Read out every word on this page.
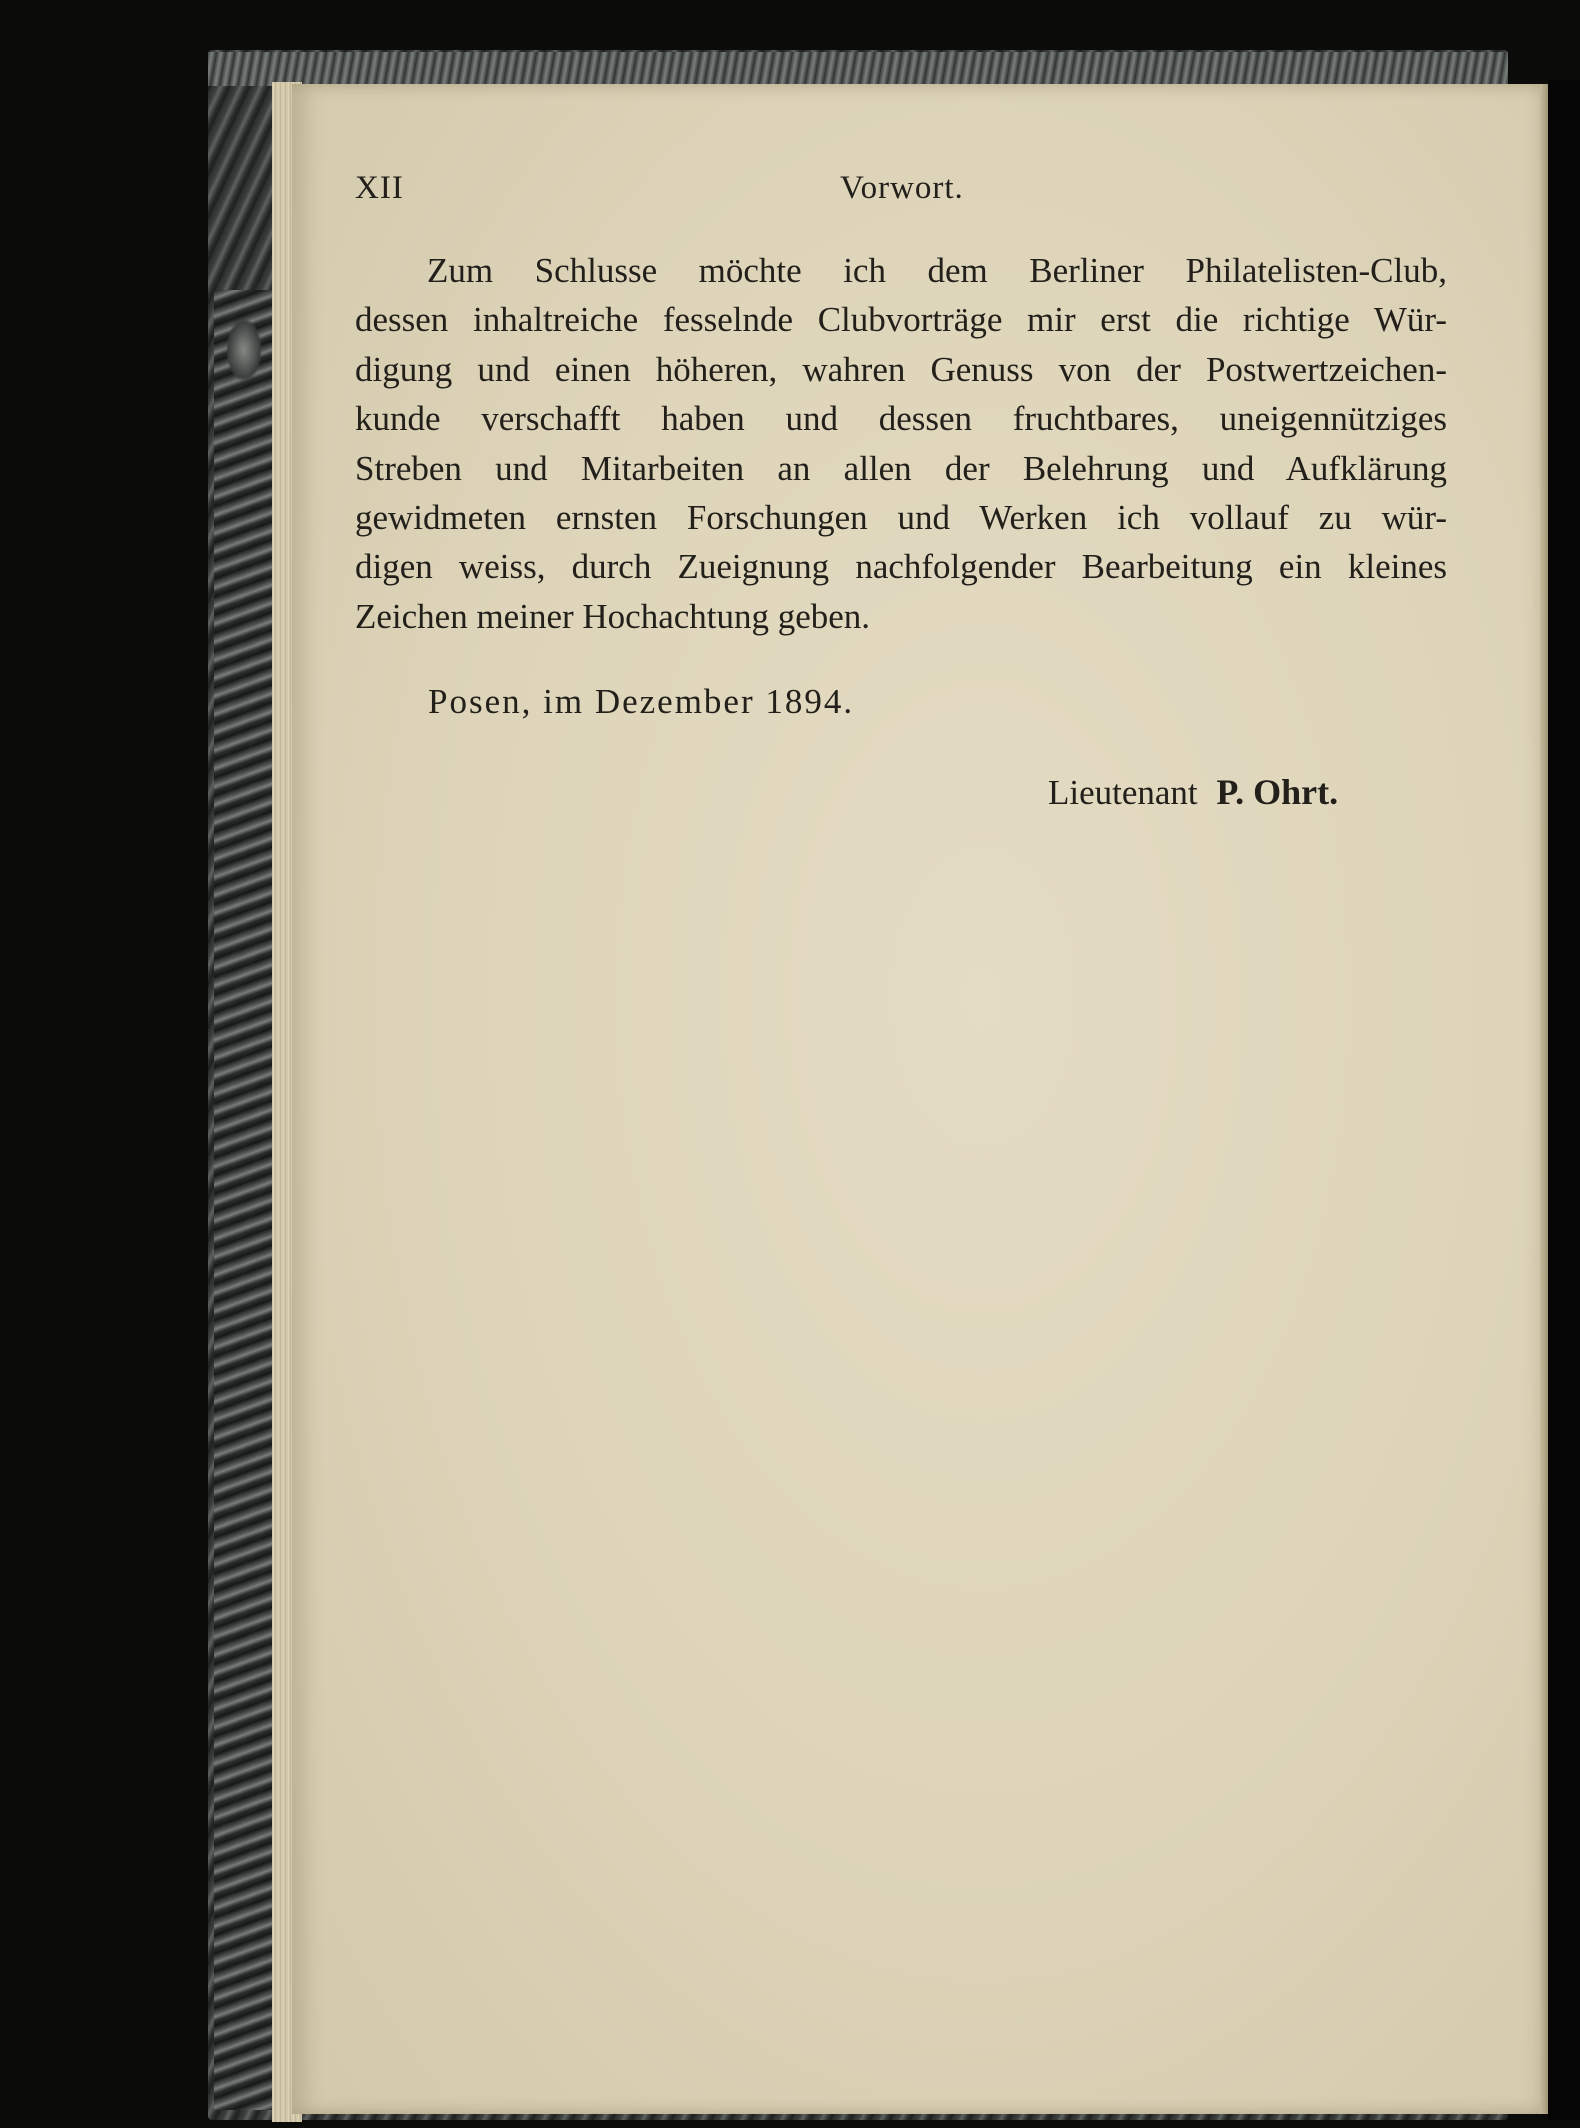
XII	Vorwort.
Zum Schlusse möchte ich dem Berliner Philatelisten-Club,
dessen inhaltreiche fesselnde Clubvorträge mir erst die richtige Wür-
digung und einen höheren, wahren Genuss von der Postwertzeichen-
kunde verschafft haben und dessen fruchtbares, uneigennütziges
Streben und Mitarbeiten an allen der Belehrung und Aufklärung
gewidmeten ernsten Forschungen und Werken ich vollauf zu wür-
digen weiss, durch Zueignung nachfolgender Bearbeitung ein kleines
Zeichen meiner Hochachtung geben.
Posen, im Dezember 1894.
Lieutenant P. Ohrt.
